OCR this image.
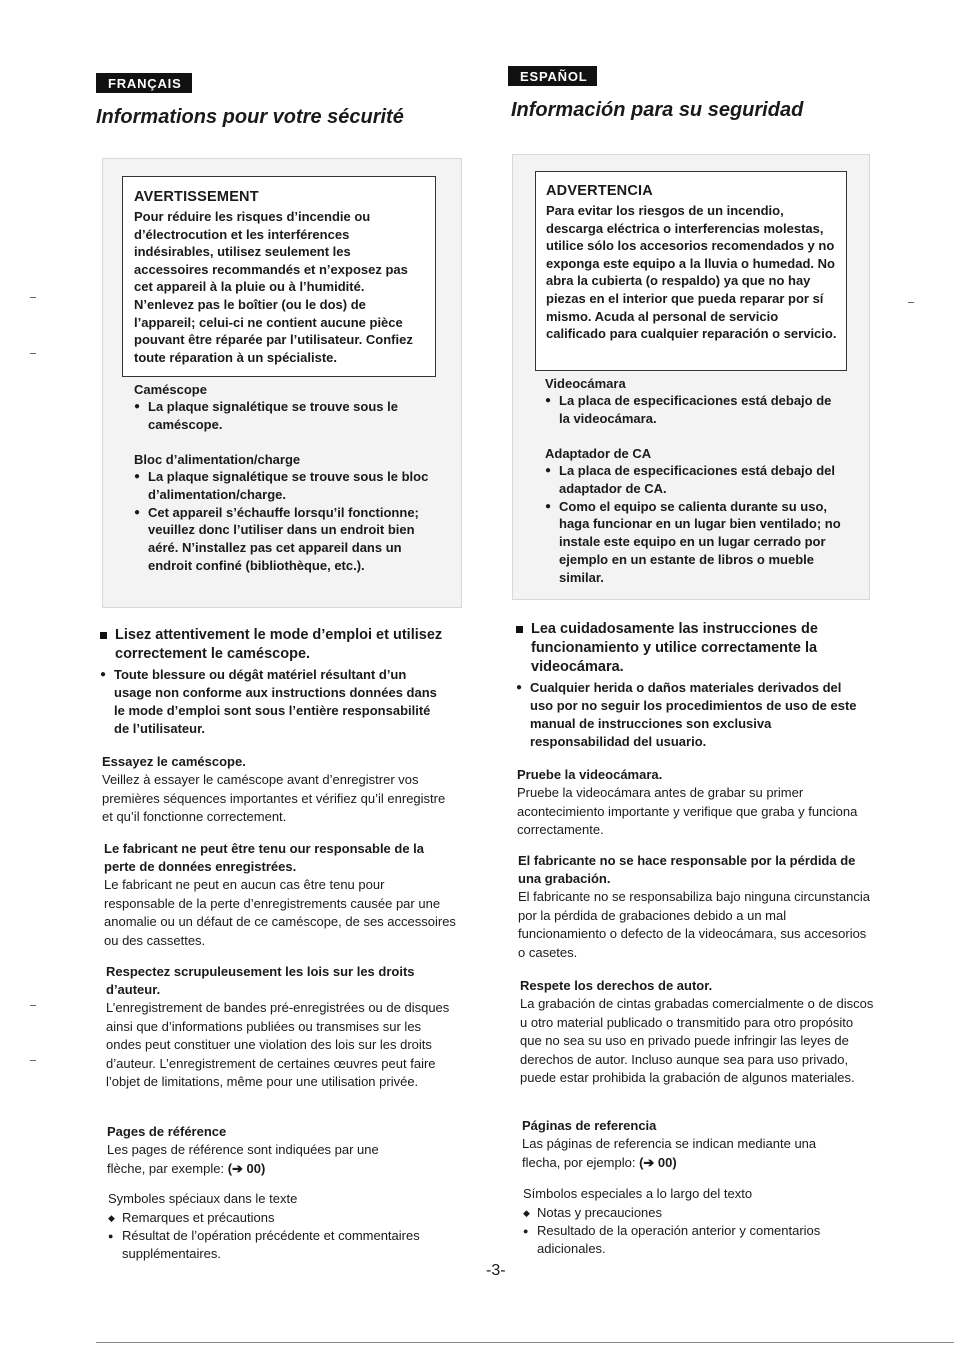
FRANÇAIS
Informations pour votre sécurité
AVERTISSEMENT

Pour réduire les risques d’incendie ou d’électrocution et les interférences indésirables, utilisez seulement les accessoires recommandés et n’exposez pas cet appareil à la pluie ou à l’humidité. N’enlevez pas le boîtier (ou le dos) de l’appareil; celui-ci ne contient aucune pièce pouvant être réparée par l’utilisateur. Confiez toute réparation à un spécialiste.

Caméscope

● La plaque signalétique se trouve sous le caméscope.

Bloc d’alimentation/charge

● La plaque signalétique se trouve sous le bloc d’alimentation/charge.
● Cet appareil s’échauffe lorsqu’il fonctionne; veuillez donc l’utiliser dans un endroit bien aéré. N’installez pas cet appareil dans un endroit confiné (bibliothèque, etc.).

Lisez attentivement le mode d’emploi et utilisez correctement le caméscope.

● Toute blessure ou dégât matériel résultant d’un usage non conforme aux instructions données dans le mode d’emploi sont sous l’entière responsabilité de l’utilisateur.

Essayez le caméscope.

Veillez à essayer le caméscope avant d’enregistrer vos premières séquences importantes et vérifiez qu’il enregistre et qu’il fonctionne correctement.

Le fabricant ne peut être tenu our responsable de la perte de données enregistrées.

Le fabricant ne peut en aucun cas être tenu pour responsable de la perte d’enregistrements causée par une anomalie ou un défaut de ce caméscope, de ses accessoires ou des cassettes.

Respectez scrupuleusement les lois sur les droits d’auteur.

L’enregistrement de bandes pré-enregistrées ou de disques ainsi que d’informations publiées ou transmises sur les ondes peut constituer une violation des lois sur les droits d’auteur. L’enregistrement de certaines œuvres peut faire l’objet de limitations, même pour une utilisation privée.

Pages de référence

Les pages de référence sont indiquées par une flèche, par exemple: (➔ 00)

Symboles spéciaux dans le texte

◆ Remarques et précautions
● Résultat de l’opération précédente et commentaires supplémentaires.
ESPAÑOL
Información para su seguridad
ADVERTENCIA

Para evitar los riesgos de un incendio, descarga eléctrica o interferencias molestas, utilice sólo los accesorios recomendados y no exponga este equipo a la lluvia o humedad. No abra la cubierta (o respaldo) ya que no hay piezas en el interior que pueda reparar por sí mismo. Acuda al personal de servicio calificado para cualquier reparación o servicio.

Videocámara

● La placa de especificaciones está debajo de la videocámara.

Adaptador de CA

● La placa de especificaciones está debajo del adaptador de CA.
● Como el equipo se calienta durante su uso, haga funcionar en un lugar bien ventilado; no instale este equipo en un lugar cerrado por ejemplo en un estante de libros o mueble similar.

Lea cuidadosamente las instrucciones de funcionamiento y utilice correctamente la videocámara.

● Cualquier herida o daños materiales derivados del uso por no seguir los procedimientos de uso de este manual de instrucciones son exclusiva responsabilidad del usuario.

Pruebe la videocámara.

Pruebe la videocámara antes de grabar su primer acontecimiento importante y verifique que graba y funciona correctamente.

El fabricante no se hace responsable por la pérdida de una grabación.

El fabricante no se responsabiliza bajo ninguna circunstancia por la pérdida de grabaciones debido a un mal funcionamiento o defecto de la videocámara, sus accesorios o casetes.

Respete los derechos de autor.

La grabación de cintas grabadas comercialmente o de discos u otro material publicado o transmitido para otro propósito que no sea su uso en privado puede infringir las leyes de derechos de autor. Incluso aunque sea para uso privado, puede estar prohibida la grabación de algunos materiales.

Páginas de referencia

Las páginas de referencia se indican mediante una flecha, por ejemplo: (➔ 00)

Símbolos especiales a lo largo del texto

◆ Notas y precauciones
● Resultado de la operación anterior y comentarios adicionales.
-3-
